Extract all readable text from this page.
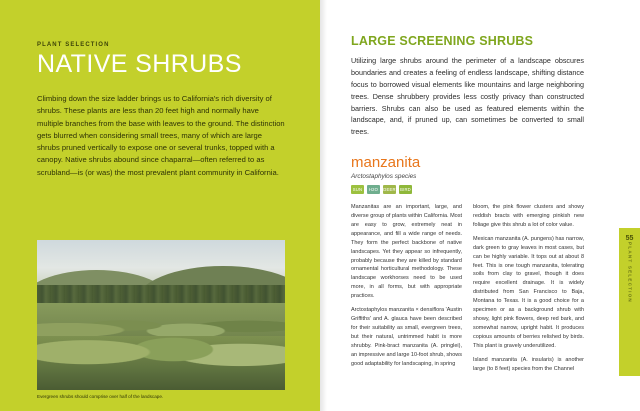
PLANT SELECTION
NATIVE SHRUBS

Climbing down the size ladder brings us to California's rich diversity of shrubs. These plants are less than 20 feet high and normally have multiple branches from the base with leaves to the ground. The distinction gets blurred when considering small trees, many of which are large shrubs pruned vertically to expose one or several trunks, topped with a canopy. Native shrubs abound since chaparral—often referred to as scrubland—is (or was) the most prevalent plant community in California.

Evergreen shrubs should comprise over half of the landscape.
LARGE SCREENING SHRUBS

Utilizing large shrubs around the perimeter of a landscape obscures boundaries and creates a feeling of endless landscape, shifting distance focus to borrowed visual elements like mountains and large neighboring trees. Dense shrubbery provides less costly privacy than constructed barriers. Shrubs can also be used as featured elements within the landscape, and, if pruned up, can sometimes be converted to small trees.

manzanita
Arctostaphylos species
SUN	H2O	DEER BIRD

Manzanitas are an important, large, and diverse group of plants within California. Most are easy to grow, extremely neat in appearance, and fill a wide range of needs. They form the perfect backbone of native landscapes. Yet they appear so infrequently, probably because they are killed by standard ornamental horticultural methodology. These landscape workhorses need to be used more, in all forms, but with appropriate practices.

Arctostaphylos manzanita × densiflora 'Austin Griffiths' and A. glauca have been described for their suitability as small, evergreen trees, but their natural, untrimmed habit is more shrubby. Pink-bract manzanita (A. pringlei), an impressive and large 10-foot shrub, shows good adaptability for landscaping, in spring

bloom, the pink flower clusters and showy reddish bracts with emerging pinkish new foliage give this shrub a lot of color value.

Mexican manzanita (A. pungens) has narrow, dark green to gray leaves in most cases, but can be highly variable. It tops out at about 8 feet. This is one tough manzanita, tolerating soils from clay to gravel, though it does require excellent drainage. It is widely distributed from San Francisco to Baja, Montana to Texas. It is a good choice for a specimen or as a background shrub with showy, light pink flowers, deep red bark, and somewhat narrow, upright habit. It produces copious amounts of berries relished by birds. This plant is gravely underutilized.

Island manzanita (A. insularis) is another large (to 8 feet) species from the Channel

55
PLANT SELECTION
